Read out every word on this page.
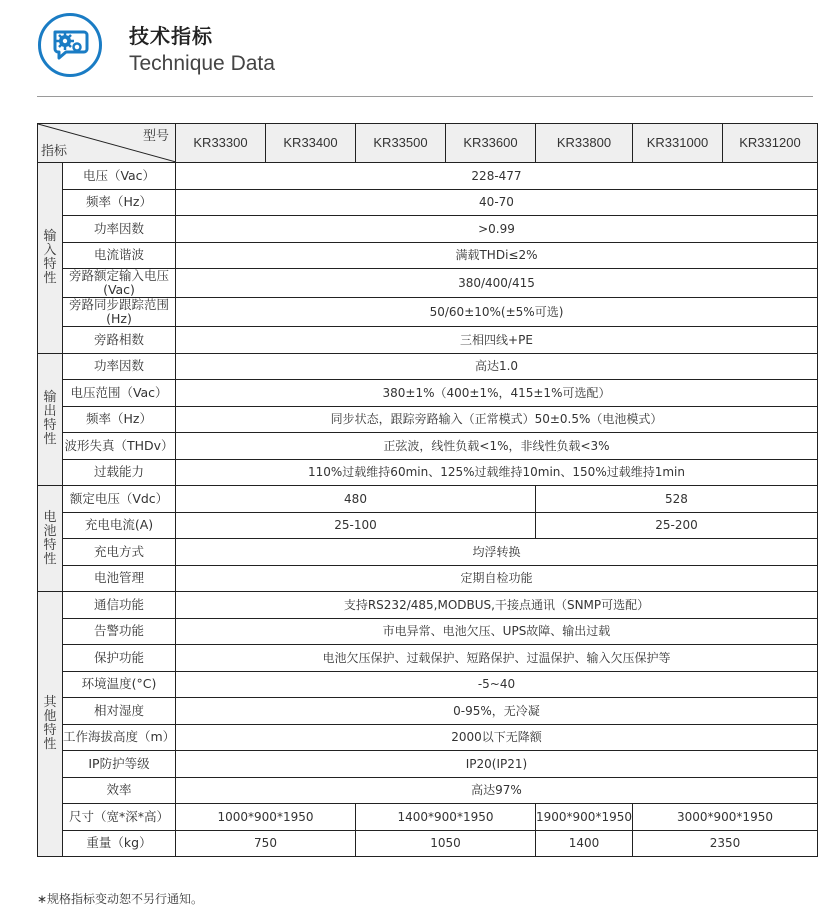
技术指标
Technique Data
型号
指标		KR33300	KR33400	KR33500	KR33600	KR33800	KR331000	KR331200

输入特性	电压（Vac）	228-477						
	频率（Hz）	40-70						
	功率因数	>0.99						
	电流谐波	满载THDi≤2%						
	旁路额定输入电压(Vac)	380/400/415						
	旁路同步跟踪范围(Hz)	50/60±10%(±5%可选)						
	旁路相数	三相四线+PE						

输出特性	功率因数	高达1.0						
	电压范围（Vac）	380±1%（400±1%，415±1%可选配）						
	频率（Hz）	同步状态，跟踪旁路输入（正常模式）50±0.5%（电池模式）						
	波形失真（THDv）	正弦波，线性负载<1%，非线性负载<3%						
	过载能力	110%过载维持60min、125%过载维持10min、150%过载维持1min						

电池特性	额定电压（Vdc）	480				528		
	充电电流(A)	25-100				25-200		
	充电方式	均浮转换						
	电池管理	定期自检功能						

其他特性	通信功能	支持RS232/485,MODBUS,干接点通讯（SNMP可选配）						
	告警功能	市电异常、电池欠压、UPS故障、输出过载						
	保护功能	电池欠压保护、过载保护、短路保护、过温保护、输入欠压保护等						
	环境温度(°C)	-5~40						
	相对湿度	0-95%，无冷凝						
	工作海拔高度（m）	2000以下无降额						
	IP防护等级	IP20(IP21)						
	效率	高达97%						
	尺寸（宽*深*高）	1000*900*1950		1400*900*1950		1900*900*1950	3000*900*1950	
	重量（kg）	750		1050		1400	2350	
∗规格指标变动恕不另行通知。
